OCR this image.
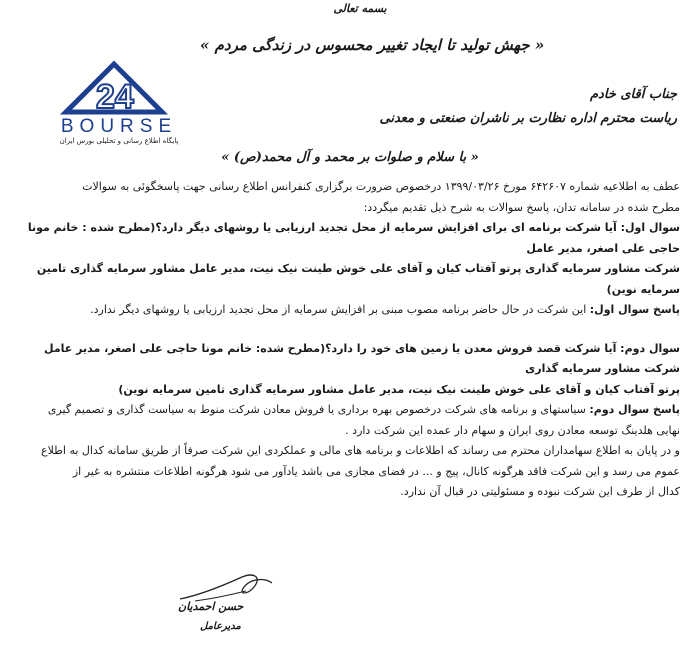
بسمه تعالی
« جهش تولید تا ایجاد تغییر محسوس در زندگی مردم »
24
BOURSE
پایگاه اطلاع رسانی و تحلیلی بورس ایران
جناب آقای خادم
ریاست محترم اداره نظارت بر ناشران صنعتی و معدنی
« با سلام و صلوات بر محمد و آل محمد(ص) »

عطف به اطلاعیه شماره ۶۴۲۶۰۷ مورخ ۱۳۹۹/۰۳/۲۶ درخصوص ضرورت برگزاری کنفرانس اطلاع رسانی جهت پاسخگوئی به سوالات

مطرح شده در سامانه تدان، پاسخ سوالات به شرح ذیل تقدیم میگردد:

سوال اول: آیا شرکت برنامه ای برای افزایش سرمایه از محل تجدید ارزیابی یا روشهای دیگر دارد؟(مطرح شده : خانم مونا حاجی علی اصغر، مدیر عامل

شرکت مشاور سرمایه گذاری پرتو آفتاب کیان و آقای علی خوش طینت نیک نیت، مدیر عامل مشاور سرمایه گذاری تامین سرمایه نوین)

پاسخ سوال اول: این شرکت در حال حاضر برنامه مصوب مبنی بر افزایش سرمایه از محل تجدید ارزیابی یا روشهای دیگر ندارد.

سوال دوم: آیا شرکت قصد فروش معدن یا زمین های خود را دارد؟(مطرح شده: خانم مونا حاجی علی اصغر، مدیر عامل شرکت مشاور سرمایه گذاری

پرتو آفتاب کیان و آقای علی خوش طینت نیک نیت، مدیر عامل مشاور سرمایه گذاری تامین سرمایه نوین)

پاسخ سوال دوم: سیاستهای و برنامه های شرکت درخصوص بهره برداری یا فروش معادن شرکت منوط به سیاست گذاری و تصمیم گیری

نهایی هلدینگ توسعه معادن روی ایران و سهام دار عمده این شرکت دارد .

و در پایان به اطلاع سهامداران محترم می رساند که اطلاعات و برنامه های مالی و عملکردی این شرکت صرفاً از طریق سامانه کدال به اطلاع

عموم می رسد و این شرکت فاقد هرگونه کانال، پیج و ... در فضای مجازی می باشد یادآور می شود هرگونه اطلاعات منتشره به غیر از

کدال از طرف این شرکت نبوده و مسئولیتی در قبال آن ندارد.

حسن احمدیان
مدیرعامل
